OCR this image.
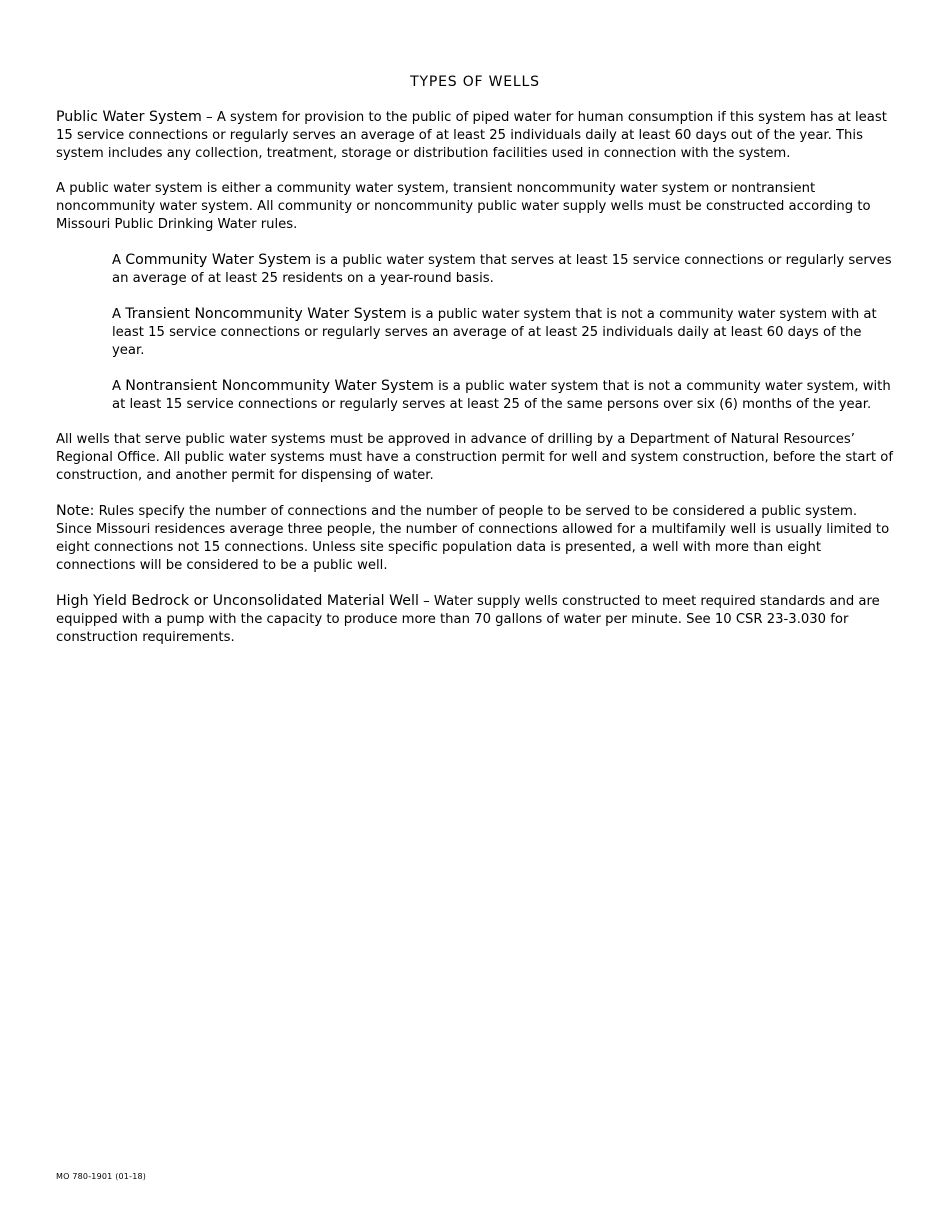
TYPES OF WELLS

Public Water System – A system for provision to the public of piped water for human consumption if this system has at least 15 service connections or regularly serves an average of at least 25 individuals daily at least 60 days out of the year. This system includes any collection, treatment, storage or distribution facilities used in connection with the system.

A public water system is either a community water system, transient noncommunity water system or nontransient noncommunity water system. All community or noncommunity public water supply wells must be constructed according to Missouri Public Drinking Water rules.

A Community Water System is a public water system that serves at least 15 service connections or regularly serves an average of at least 25 residents on a year-round basis.

A Transient Noncommunity Water System is a public water system that is not a community water system with at least 15 service connections or regularly serves an average of at least 25 individuals daily at least 60 days of the year.

A Nontransient Noncommunity Water System is a public water system that is not a community water system, with at least 15 service connections or regularly serves at least 25 of the same persons over six (6) months of the year.

All wells that serve public water systems must be approved in advance of drilling by a Department of Natural Resources’ Regional Office. All public water systems must have a construction permit for well and system construction, before the start of construction, and another permit for dispensing of water.

Note: Rules specify the number of connections and the number of people to be served to be considered a public system. Since Missouri residences average three people, the number of connections allowed for a multifamily well is usually limited to eight connections not 15 connections. Unless site specific population data is presented, a well with more than eight connections will be considered to be a public well.

High Yield Bedrock or Unconsolidated Material Well – Water supply wells constructed to meet required standards and are equipped with a pump with the capacity to produce more than 70 gallons of water per minute. See 10 CSR 23-3.030 for construction requirements.

MO 780-1901 (01-18)
